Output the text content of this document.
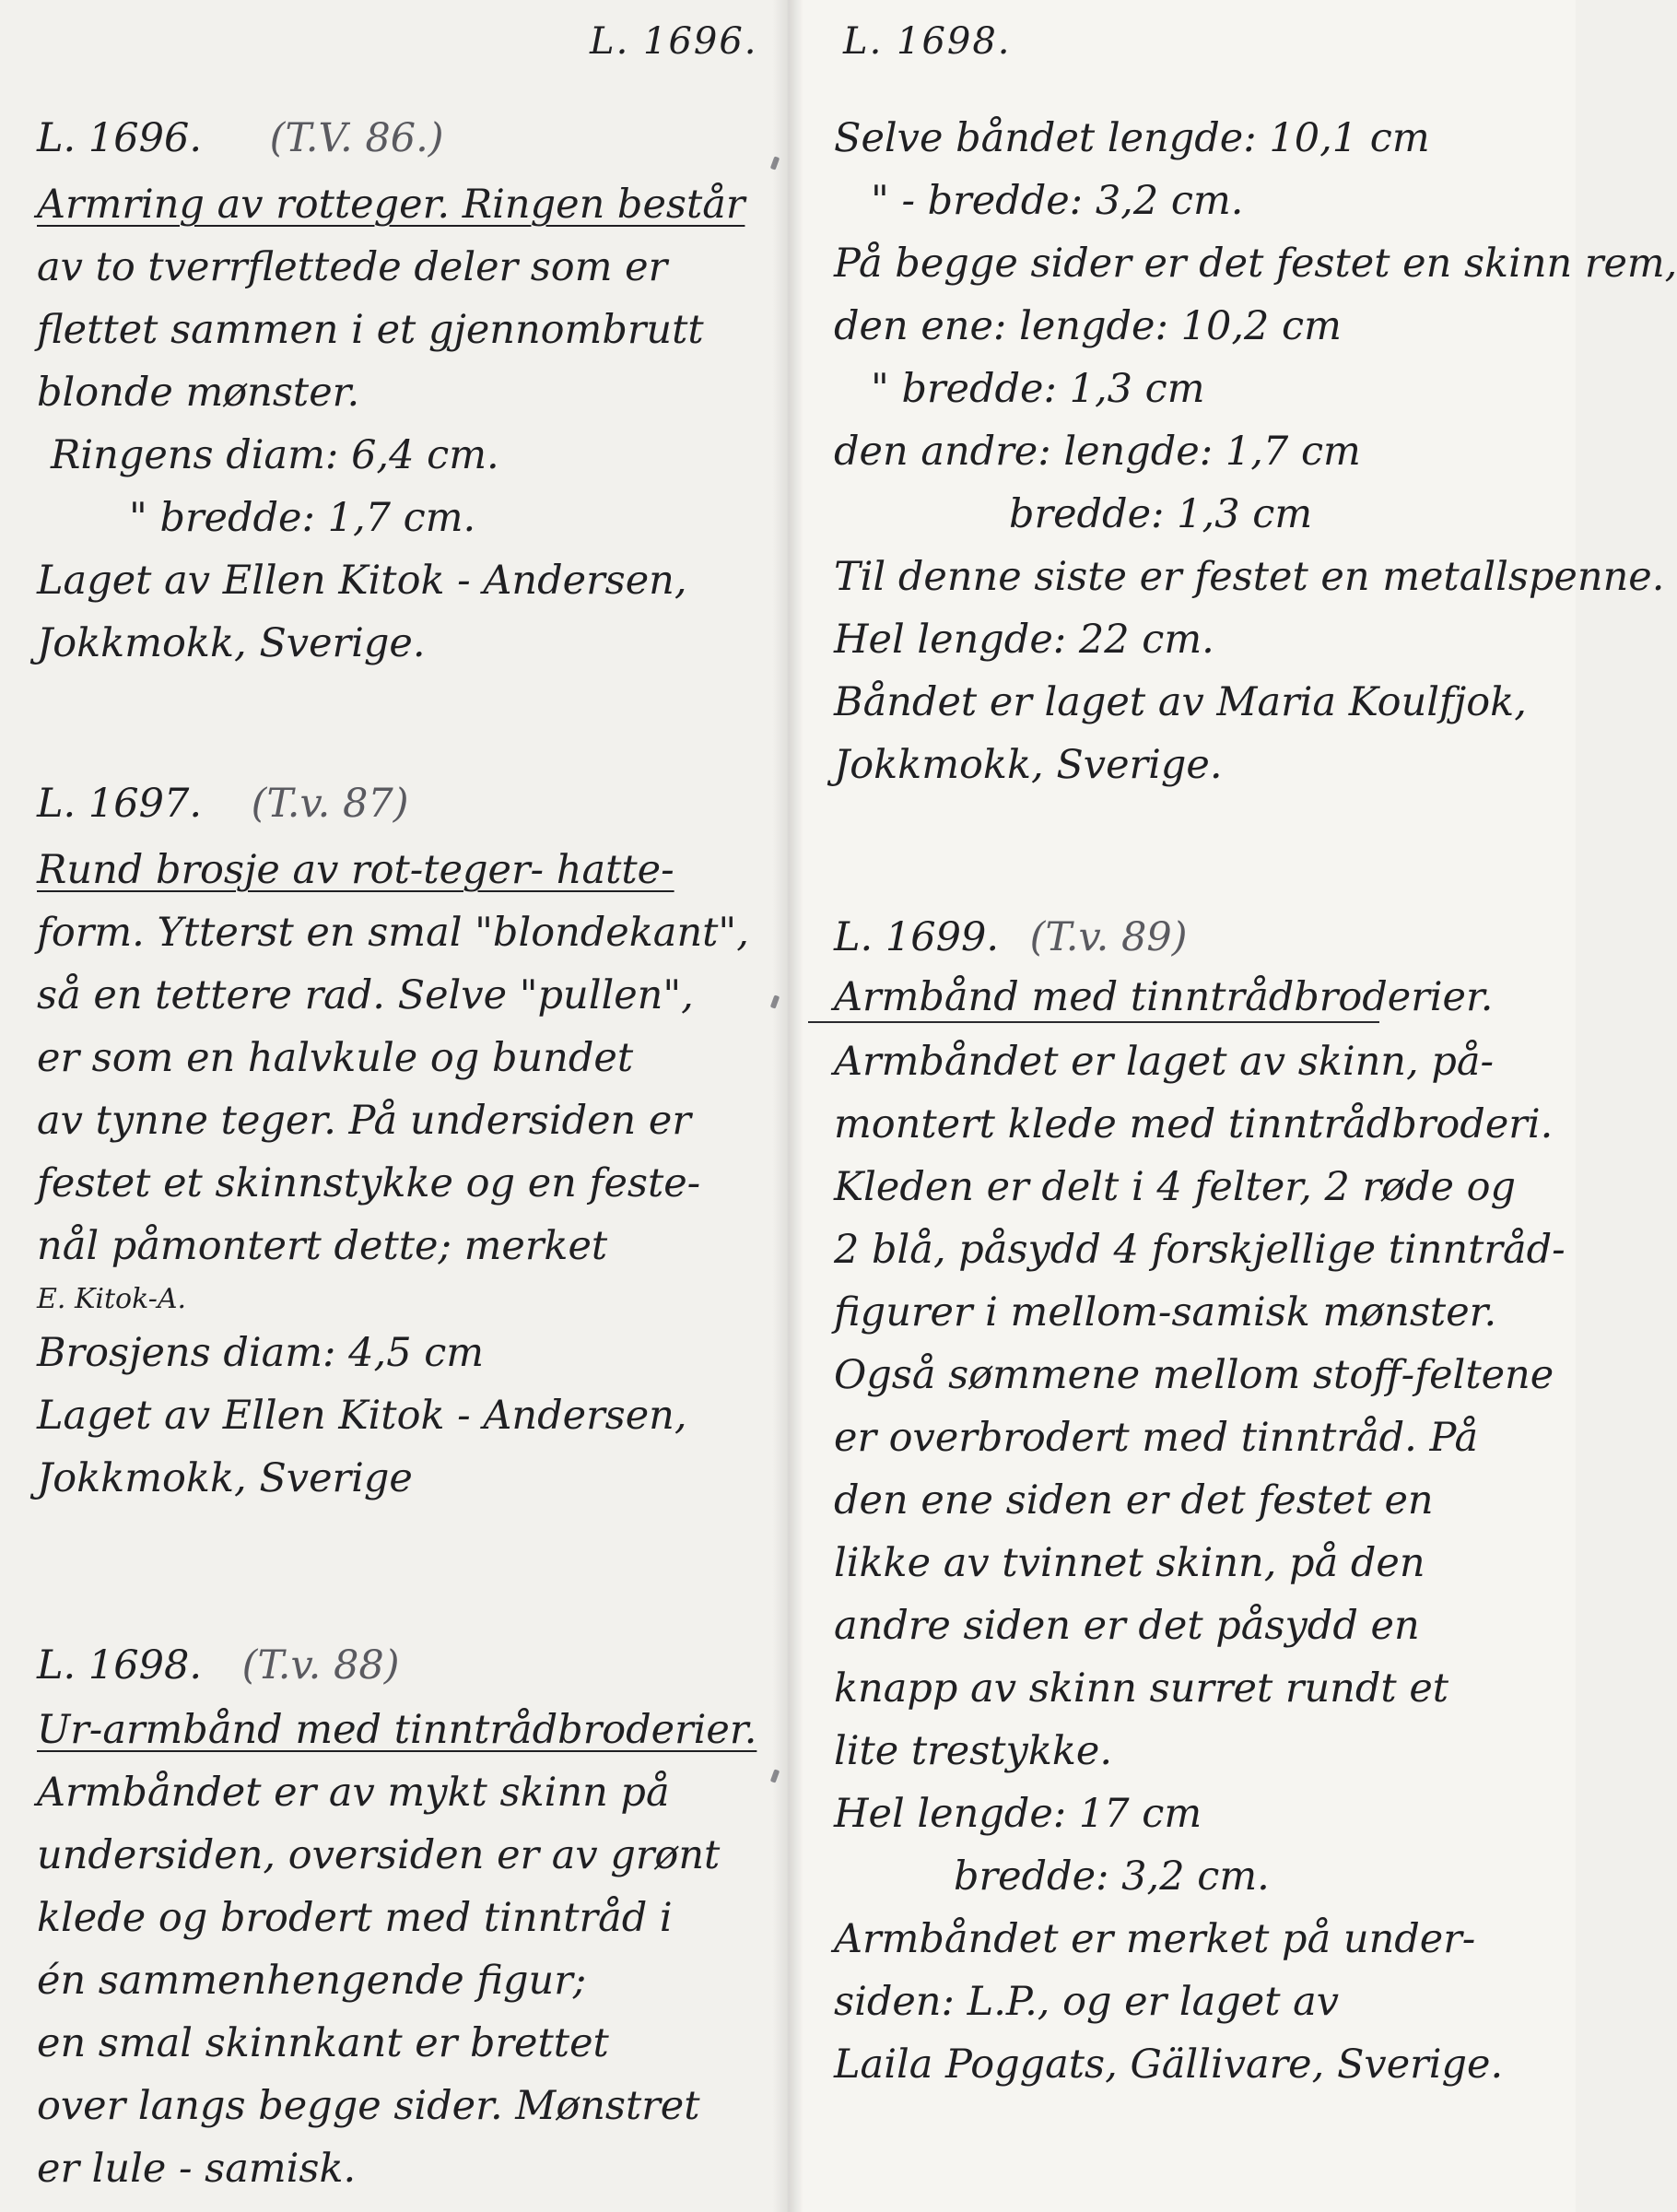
L. 1696.
L. 1696. (T.V. 86.)
Armring av rotteger. Ringen består
av to tverrflettede deler som er
flettet sammen i et gjennombrutt
blonde mønster.
Ringens diam: 6,4 cm.
" bredde: 1,7 cm.
Laget av Ellen Kitok - Andersen,
Jokkmokk, Sverige.
L. 1697. (T.v. 87)
Rund brosje av rot-teger- hatte-
form. Ytterst en smal "blondekant",
så en tettere rad. Selve "pullen",
er som en halvkule og bundet
av tynne teger. På undersiden er
festet et skinnstykke og en feste-
nål påmontert dette; merket
E. Kitok-A.
Brosjens diam: 4,5 cm
Laget av Ellen Kitok - Andersen,
Jokkmokk, Sverige
L. 1698. (T.v. 88)
Ur-armbånd med tinntrådbroderier.
Armbåndet er av mykt skinn på
undersiden, oversiden er av grønt
klede og brodert med tinntråd i
én sammenhengende figur;
en smal skinnkant er brettet
over langs begge sider. Mønstret
er lule - samisk.
L. 1698.
Selve båndet lengde: 10,1 cm
" - bredde: 3,2 cm.
På begge sider er det festet en skinn rem,
den ene: lengde: 10,2 cm
" bredde: 1,3 cm
den andre: lengde: 1,7 cm
bredde: 1,3 cm
Til denne siste er festet en metallspenne.
Hel lengde: 22 cm.
Båndet er laget av Maria Koulfjok,
Jokkmokk, Sverige.
L. 1699. (T.v. 89)
Armbånd med tinntrådbroderier.
Armbåndet er laget av skinn, på-
montert klede med tinntrådbroderi.
Kleden er delt i 4 felter, 2 røde og
2 blå, påsydd 4 forskjellige tinntråd-
figurer i mellom-samisk mønster.
Også sømmene mellom stoff-feltene
er overbrodert med tinntråd. På
den ene siden er det festet en
likke av tvinnet skinn, på den
andre siden er det påsydd en
knapp av skinn surret rundt et
lite trestykke.
Hel lengde: 17 cm
bredde: 3,2 cm.
Armbåndet er merket på under-
siden: L.P., og er laget av
Laila Poggats, Gällivare, Sverige.
